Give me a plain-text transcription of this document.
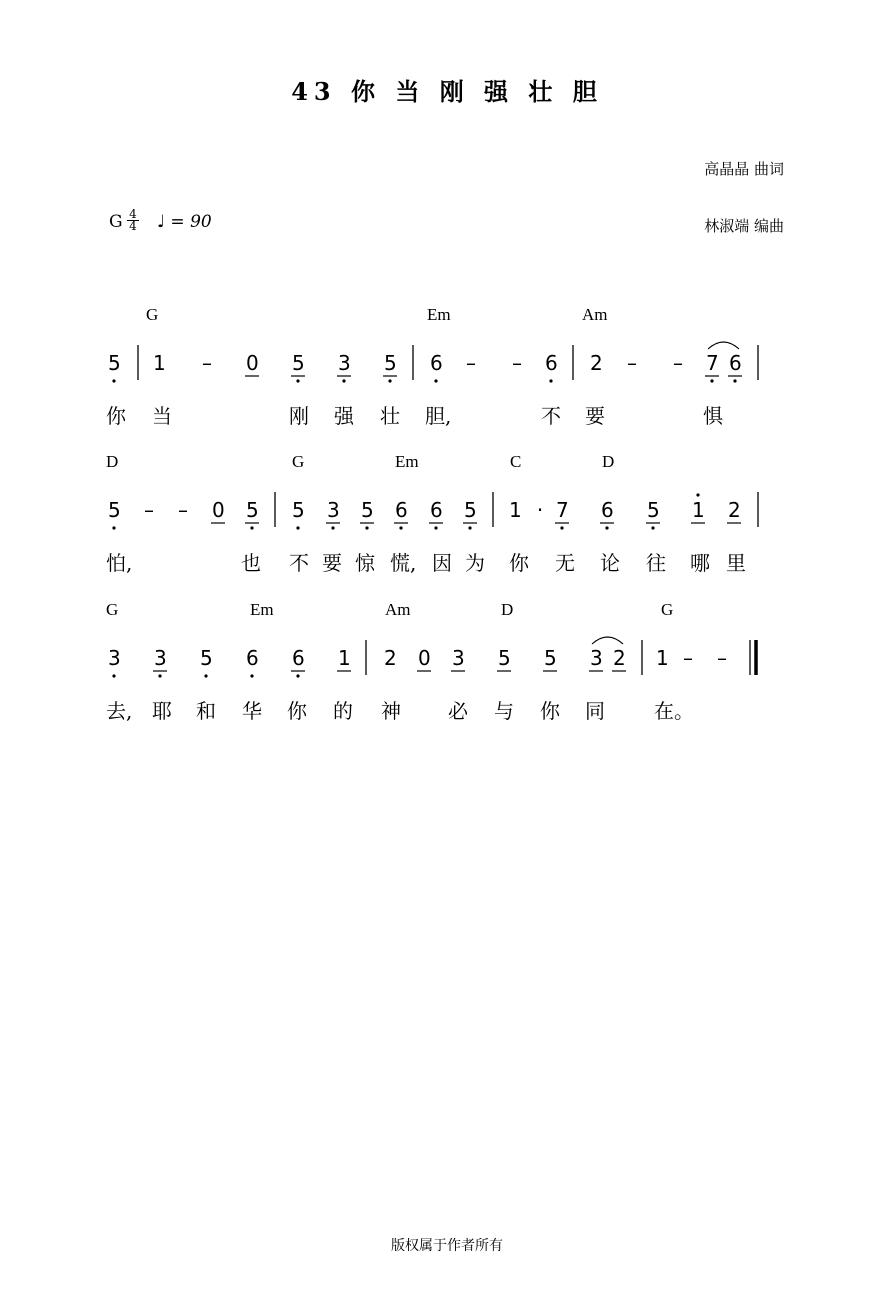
43 你 当 刚 强 壮 胆
高晶晶 曲词
林淑端 编曲
G 4
4 ♩ = 90
G	Em	Am
5 1 – 0 5 3 5 6 – – 6 2 – – 7 6
你 当	刚 强 壮 胆,	不 要	惧
D	G	Em	C	D
5 – – 0 5 5 3 5 6 6 5 1 · 7 6 5 1 2
怕,	也 不 要 惊 慌, 因 为 你 无 论 往 哪 里
G	Em	Am	D	G
3 3 5 6 6 1 2 0 3 5 5 3 2 1 – –
去, 耶 和 华 你 的 神 必 与 你 同 在。
版权属于作者所有
